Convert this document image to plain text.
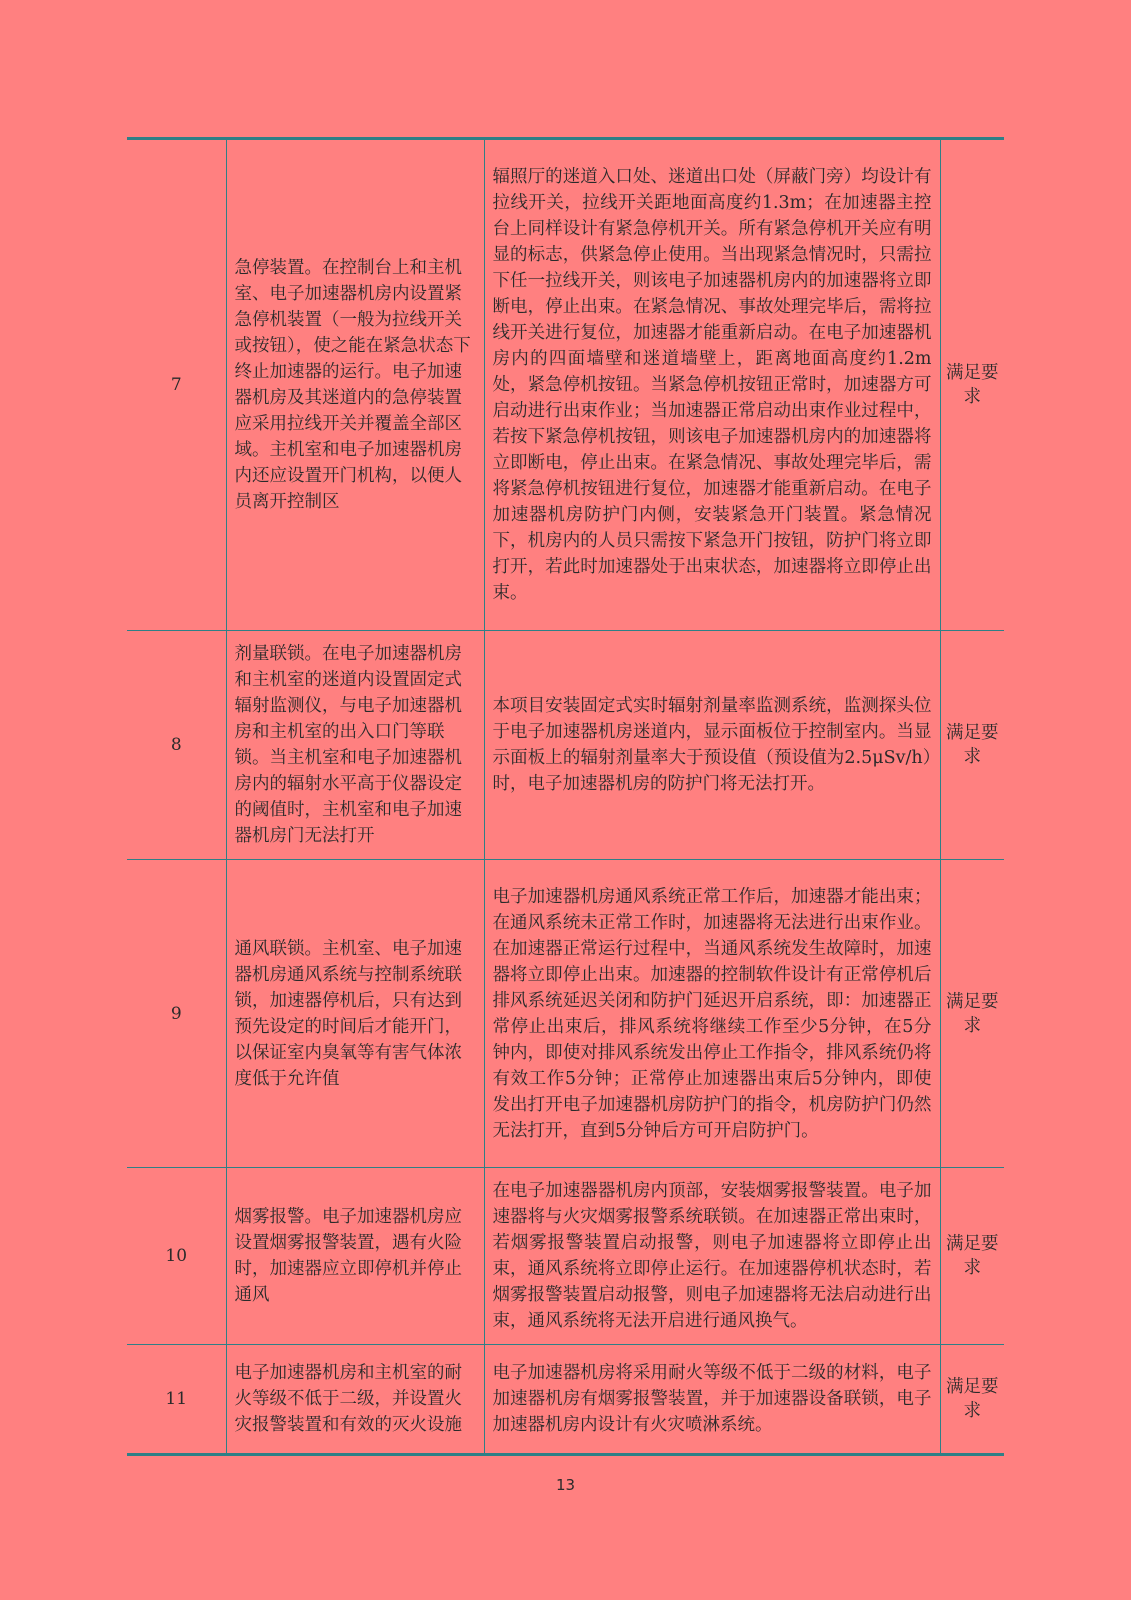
7	急停装置。在控制台上和主机室、电子加速器机房内设置紧急停机装置（一般为拉线开关或按钮），使之能在紧急状态下终止加速器的运行。电子加速器机房及其迷道内的急停装置应采用拉线开关并覆盖全部区域。主机室和电子加速器机房内还应设置开门机构，以便人员离开控制区	辐照厅的迷道入口处、迷道出口处（屏蔽门旁）均设计有拉线开关，拉线开关距地面高度约1.3m；在加速器主控台上同样设计有紧急停机开关。所有紧急停机开关应有明显的标志，供紧急停止使用。当出现紧急情况时，只需拉下任一拉线开关，则该电子加速器机房内的加速器将立即断电，停止出束。在紧急情况、事故处理完毕后，需将拉线开关进行复位，加速器才能重新启动。在电子加速器机房内的四面墙壁和迷道墙壁上，距离地面高度约1.2m处，紧急停机按钮。当紧急停机按钮正常时，加速器方可启动进行出束作业；当加速器正常启动出束作业过程中，若按下紧急停机按钮，则该电子加速器机房内的加速器将立即断电，停止出束。在紧急情况、事故处理完毕后，需将紧急停机按钮进行复位，加速器才能重新启动。在电子加速器机房防护门内侧，安装紧急开门装置。紧急情况下，机房内的人员只需按下紧急开门按钮，防护门将立即打开，若此时加速器处于出束状态，加速器将立即停止出束。	满足要求
8	剂量联锁。在电子加速器机房和主机室的迷道内设置固定式辐射监测仪，与电子加速器机房和主机室的出入口门等联锁。当主机室和电子加速器机房内的辐射水平高于仪器设定的阈值时，主机室和电子加速器机房门无法打开	本项目安装固定式实时辐射剂量率监测系统，监测探头位于电子加速器机房迷道内，显示面板位于控制室内。当显示面板上的辐射剂量率大于预设值（预设值为2.5μSv/h）时，电子加速器机房的防护门将无法打开。	满足要求
9	通风联锁。主机室、电子加速器机房通风系统与控制系统联锁，加速器停机后，只有达到预先设定的时间后才能开门，以保证室内臭氧等有害气体浓度低于允许值	电子加速器机房通风系统正常工作后，加速器才能出束；在通风系统未正常工作时，加速器将无法进行出束作业。在加速器正常运行过程中，当通风系统发生故障时，加速器将立即停止出束。加速器的控制软件设计有正常停机后排风系统延迟关闭和防护门延迟开启系统，即：加速器正常停止出束后，排风系统将继续工作至少5分钟，在5分钟内，即使对排风系统发出停止工作指令，排风系统仍将有效工作5分钟；正常停止加速器出束后5分钟内，即使发出打开电子加速器机房防护门的指令，机房防护门仍然无法打开，直到5分钟后方可开启防护门。	满足要求
10	烟雾报警。电子加速器机房应设置烟雾报警装置，遇有火险时，加速器应立即停机并停止通风	在电子加速器器机房内顶部，安装烟雾报警装置。电子加速器将与火灾烟雾报警系统联锁。在加速器正常出束时，若烟雾报警装置启动报警，则电子加速器将立即停止出束，通风系统将立即停止运行。在加速器停机状态时，若烟雾报警装置启动报警，则电子加速器将无法启动进行出束，通风系统将无法开启进行通风换气。	满足要求
11	电子加速器机房和主机室的耐火等级不低于二级，并设置火灾报警装置和有效的灭火设施	电子加速器机房将采用耐火等级不低于二级的材料，电子加速器机房有烟雾报警装置，并于加速器设备联锁，电子加速器机房内设计有火灾喷淋系统。	满足要求
13
